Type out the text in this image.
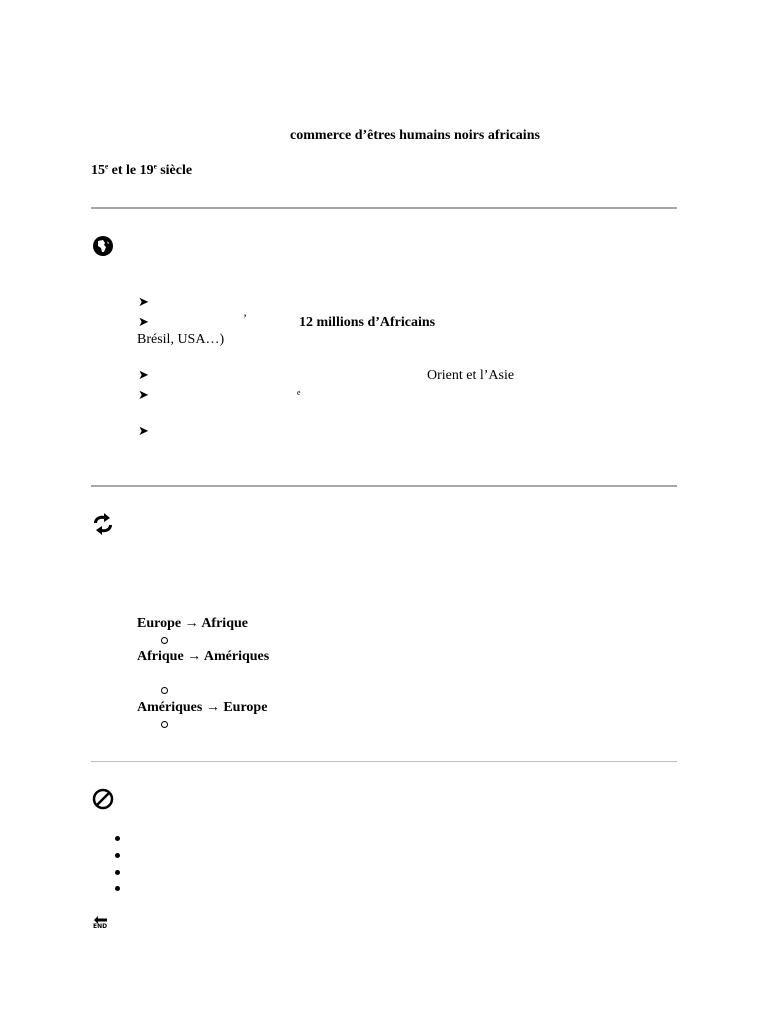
commerce d’êtres humains noirs africains
15e et le 19e siècle
➤
➤	’	12 millions d’Africains
Brésil, USA…)
➤	Orient et l’Asie
➤	e
➤
Europe → Afrique
Afrique → Amériques
Amériques → Europe
END
